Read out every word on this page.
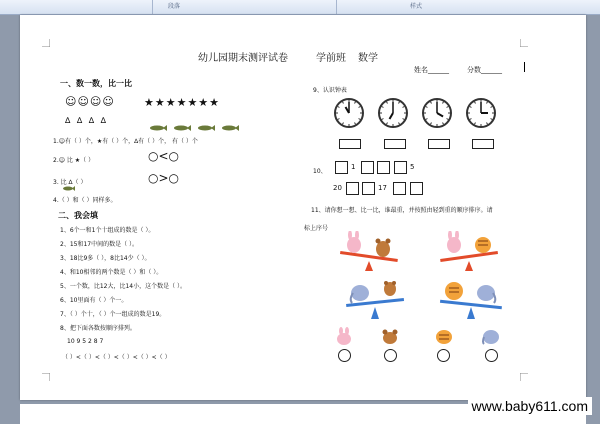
段落	样式
幼儿园期末测评试卷	学前班 数学
姓名______	分数______
一、数一数，比一比
☺☺☺☺	★★★★★★★
∆ ∆ ∆ ∆
1.☺有（ ）个，★有（ ）个，∆有（ ）个， 有（ ）个
2.☺ 比 ★（ ）	○<○
3. 比 ∆（ ）	○>○
4.（ ）和（ ）同样多。
二、我会填
1、6个一和1个十组成的数是（ ）。
2、15和17中间的数是（ ）。
3、18比9多（ ），8比14少（ ）。
4、和10相邻的两个数是（ ）和（ ）。
5、一个数，比12大，比14小，这个数是（ ）。
6、10里面有（ ）个一。
7、（ ）个十，（ ）个一组成的数是19。
8、把下面各数按顺序排列。
10 9 5 2 8 7
（ ）<（ ）<（ ）<（ ）<（ ）<（ ）
9、认识钟表
10、
1	5
20	17
11、请你想一想、比一比，谁最重，并按照由轻到重的顺序排序。请
标上序号
www.baby611.com
